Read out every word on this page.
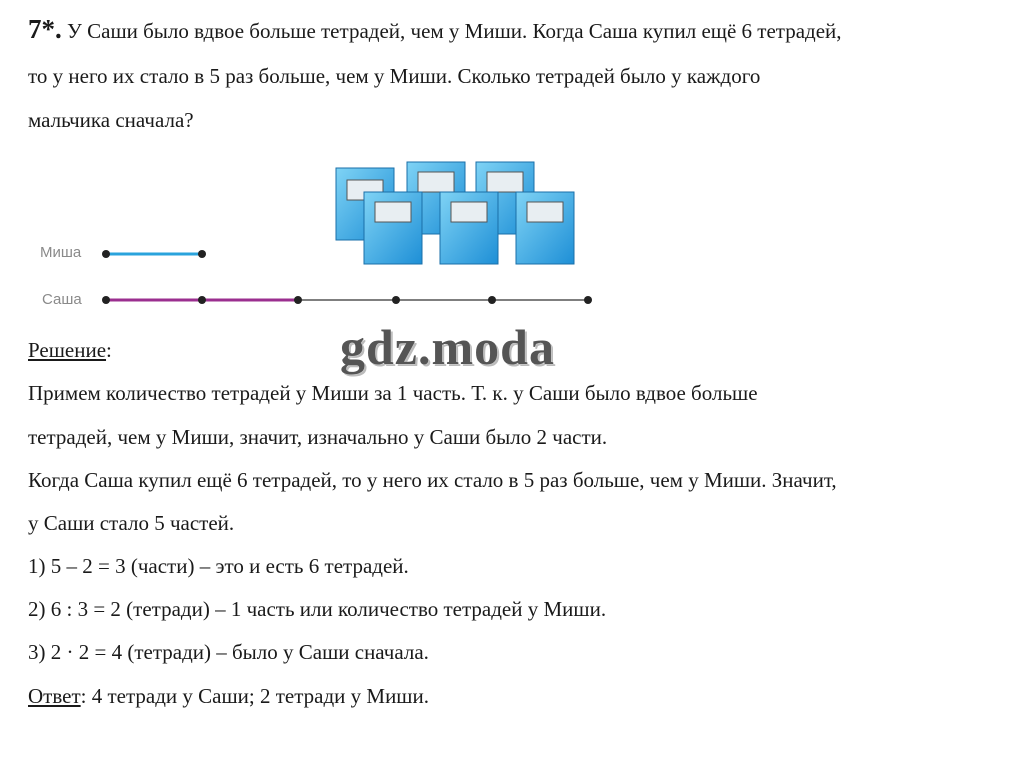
7*. У Саши было вдвое больше тетрадей, чем у Миши. Когда Саша купил ещё 6 тетрадей,
то у него их стало в 5 раз больше, чем у Миши. Сколько тетрадей было у каждого
мальчика сначала?
Миша
Саша
gdz.moda
Решение:
Примем количество тетрадей у Миши за 1 часть. Т. к. у Саши было вдвое больше
тетрадей, чем у Миши, значит, изначально у Саши было 2 части.
Когда Саша купил ещё 6 тетрадей, то у него их стало в 5 раз больше, чем у Миши. Значит,
у Саши стало 5 частей.
1) 5 – 2 = 3 (части) – это и есть 6 тетрадей.
2) 6 : 3 = 2 (тетради) – 1 часть или количество тетрадей у Миши.
3) 2 · 2 = 4 (тетради) – было у Саши сначала.
Ответ: 4 тетради у Саши; 2 тетради у Миши.
